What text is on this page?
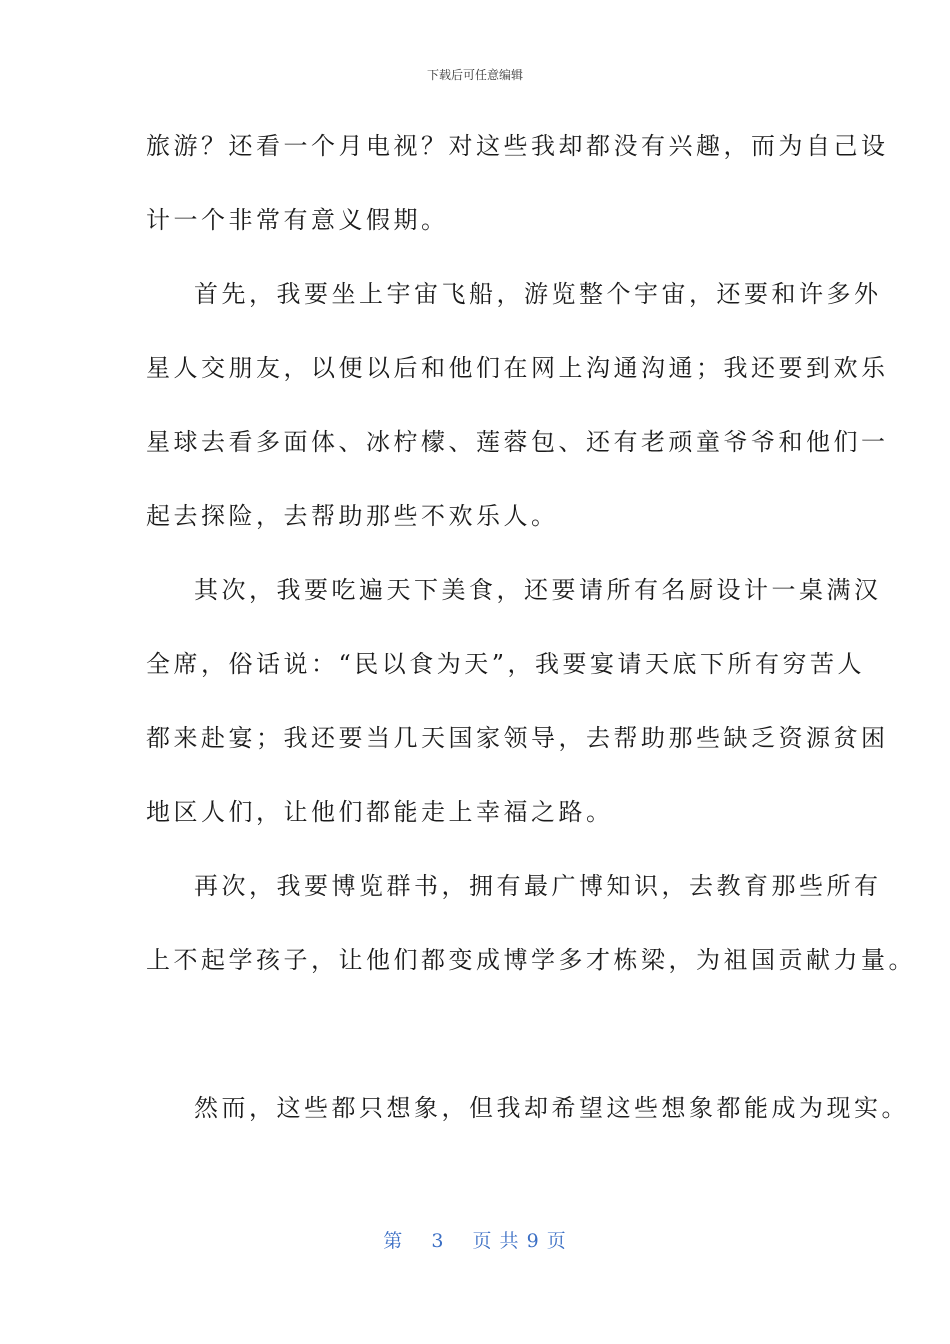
下载后可任意编辑
旅游？还看一个月电视？对这些我却都没有兴趣，而为自己设
计一个非常有意义假期。
首先，我要坐上宇宙飞船，游览整个宇宙，还要和许多外
星人交朋友，以便以后和他们在网上沟通沟通；我还要到欢乐
星球去看多面体、冰柠檬、莲蓉包、还有老顽童爷爷和他们一
起去探险，去帮助那些不欢乐人。
其次，我要吃遍天下美食，还要请所有名厨设计一桌满汉
全席，俗话说：“民以食为天”，我要宴请天底下所有穷苦人
都来赴宴；我还要当几天国家领导，去帮助那些缺乏资源贫困
地区人们，让他们都能走上幸福之路。
再次，我要博览群书，拥有最广博知识，去教育那些所有
上不起学孩子，让他们都变成博学多才栋梁，为祖国贡献力量。
然而，这些都只想象，但我却希望这些想象都能成为现实。
第 3 页 共 9 页
